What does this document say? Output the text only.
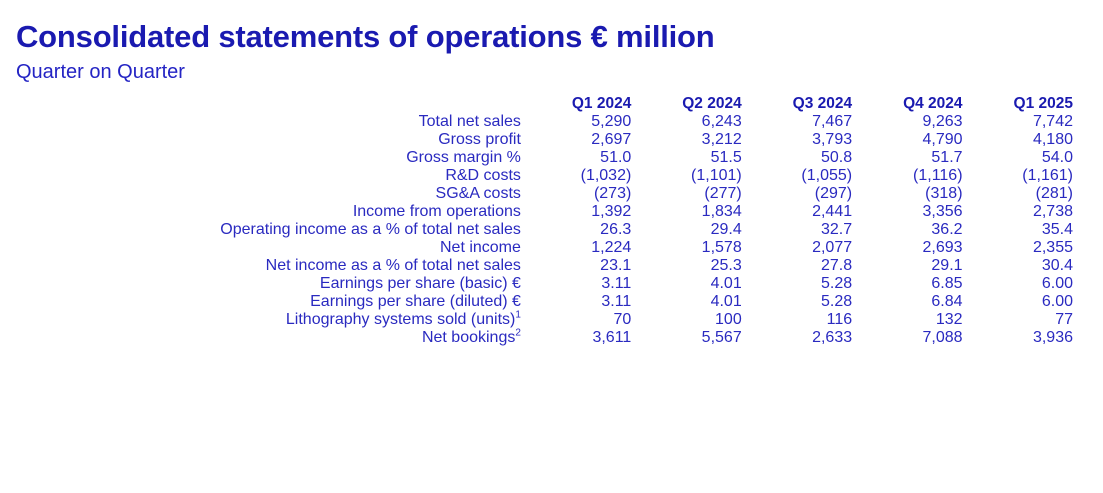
Consolidated statements of operations € million
Quarter on Quarter
	Q1 2024	Q2 2024	Q3 2024	Q4 2024	Q1 2025
Total net sales	5,290	6,243	7,467	9,263	7,742
Gross profit	2,697	3,212	3,793	4,790	4,180
Gross margin %	51.0	51.5	50.8	51.7	54.0
R&D costs	(1,032)	(1,101)	(1,055)	(1,116)	(1,161)
SG&A costs	(273)	(277)	(297)	(318)	(281)
Income from operations	1,392	1,834	2,441	3,356	2,738
Operating income as a % of total net sales	26.3	29.4	32.7	36.2	35.4
Net income	1,224	1,578	2,077	2,693	2,355
Net income as a % of total net sales	23.1	25.3	27.8	29.1	30.4
Earnings per share (basic) €	3.11	4.01	5.28	6.85	6.00
Earnings per share (diluted) €	3.11	4.01	5.28	6.84	6.00
Lithography systems sold (units)$^1$	70	100	116	132	77
Net bookings$^2$	3,611	5,567	2,633	7,088	3,936
